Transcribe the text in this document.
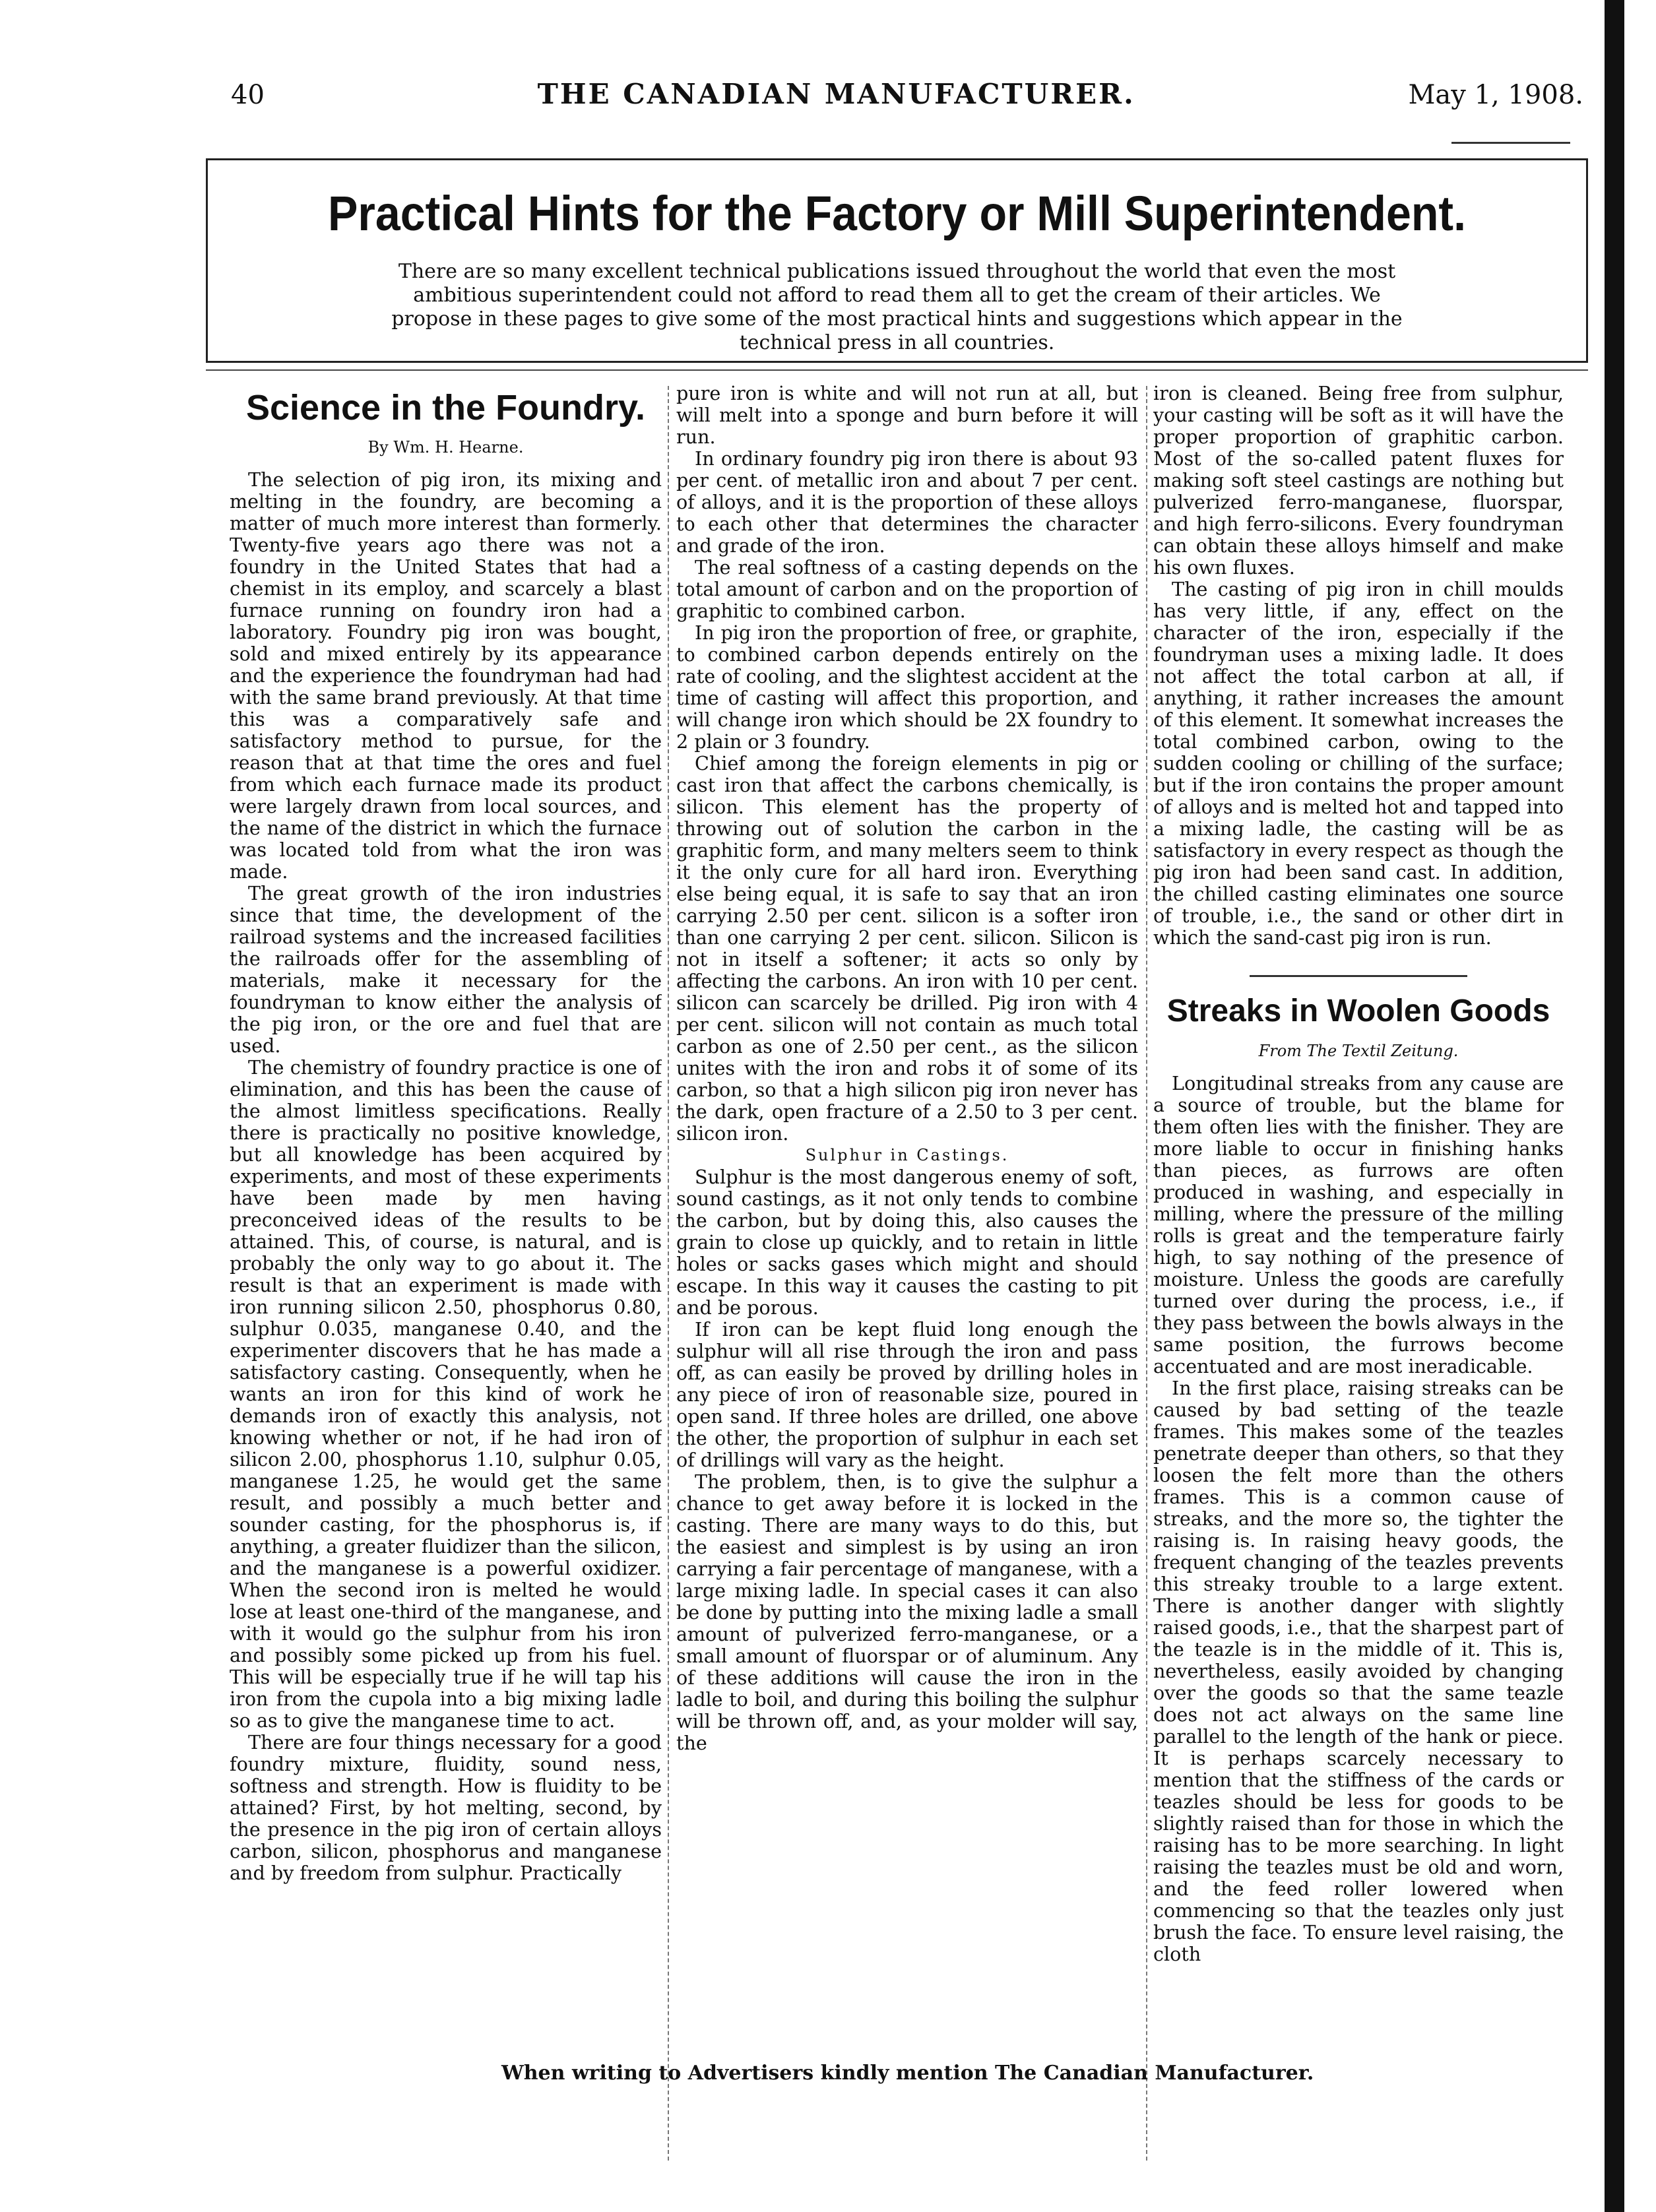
40	THE CANADIAN MANUFACTURER.	May 1, 1908.
Practical Hints for the Factory or Mill Superintendent.

There are so many excellent technical publications issued throughout the world that even the most ambitious superintendent could not afford to read them all to get the cream of their articles. We propose in these pages to give some of the most practical hints and suggestions which appear in the technical press in all countries.

Science in the Foundry.
By Wm. H. Hearne.

The selection of pig iron, its mixing and melting in the foundry, are becoming a matter of much more interest than formerly. Twenty-five years ago there was not a foundry in the United States that had a chemist in its employ, and scarcely a blast furnace running on foundry iron had a laboratory. Foundry pig iron was bought, sold and mixed entirely by its appearance and the experience the foundryman had had with the same brand previously. At that time this was a comparatively safe and satisfactory method to pursue, for the reason that at that time the ores and fuel from which each furnace made its product were largely drawn from local sources, and the name of the district in which the furnace was located told from what the iron was made.

The great growth of the iron industries since that time, the development of the railroad systems and the increased facilities the railroads offer for the assembling of materials, make it necessary for the foundryman to know either the analysis of the pig iron, or the ore and fuel that are used.

The chemistry of foundry practice is one of elimination, and this has been the cause of the almost limitless specifications. Really there is practically no positive knowledge, but all knowledge has been acquired by experiments, and most of these experiments have been made by men having preconceived ideas of the results to be attained. This, of course, is natural, and is probably the only way to go about it. The result is that an experiment is made with iron running silicon 2.50, phosphorus 0.80, sulphur 0.035, manganese 0.40, and the experimenter discovers that he has made a satisfactory casting. Consequently, when he wants an iron for this kind of work he demands iron of exactly this analysis, not knowing whether or not, if he had iron of silicon 2.00, phosphorus 1.10, sulphur 0.05, manganese 1.25, he would get the same result, and possibly a much better and sounder casting, for the phosphorus is, if anything, a greater fluidizer than the silicon, and the manganese is a powerful oxidizer. When the second iron is melted he would lose at least one-third of the manganese, and with it would go the sulphur from his iron and possibly some picked up from his fuel. This will be especially true if he will tap his iron from the cupola into a big mixing ladle so as to give the manganese time to act.

There are four things necessary for a good foundry mixture, fluidity, sound ness, softness and strength. How is fluidity to be attained? First, by hot melting, second, by the presence in the pig iron of certain alloys carbon, silicon, phosphorus and manganese and by freedom from sulphur. Practically

pure iron is white and will not run at all, but will melt into a sponge and burn before it will run.

In ordinary foundry pig iron there is about 93 per cent. of metallic iron and about 7 per cent. of alloys, and it is the proportion of these alloys to each other that determines the character and grade of the iron.

The real softness of a casting depends on the total amount of carbon and on the proportion of graphitic to combined carbon.

In pig iron the proportion of free, or graphite, to combined carbon depends entirely on the rate of cooling, and the slightest accident at the time of casting will affect this proportion, and will change iron which should be 2X foundry to 2 plain or 3 foundry.

Chief among the foreign elements in pig or cast iron that affect the carbons chemically, is silicon. This element has the property of throwing out of solution the carbon in the graphitic form, and many melters seem to think it the only cure for all hard iron. Everything else being equal, it is safe to say that an iron carrying 2.50 per cent. silicon is a softer iron than one carrying 2 per cent. silicon. Silicon is not in itself a softener; it acts so only by affecting the carbons. An iron with 10 per cent. silicon can scarcely be drilled. Pig iron with 4 per cent. silicon will not contain as much total carbon as one of 2.50 per cent., as the silicon unites with the iron and robs it of some of its carbon, so that a high silicon pig iron never has the dark, open fracture of a 2.50 to 3 per cent. silicon iron.

Sulphur in Castings.

Sulphur is the most dangerous enemy of soft, sound castings, as it not only tends to combine the carbon, but by doing this, also causes the grain to close up quickly, and to retain in little holes or sacks gases which might and should escape. In this way it causes the casting to pit and be porous.

If iron can be kept fluid long enough the sulphur will all rise through the iron and pass off, as can easily be proved by drilling holes in any piece of iron of reasonable size, poured in open sand. If three holes are drilled, one above the other, the proportion of sulphur in each set of drillings will vary as the height.

The problem, then, is to give the sulphur a chance to get away before it is locked in the casting. There are many ways to do this, but the easiest and simplest is by using an iron carrying a fair percentage of manganese, with a large mixing ladle. In special cases it can also be done by putting into the mixing ladle a small amount of pulverized ferro-manganese, or a small amount of fluorspar or of aluminum. Any of these additions will cause the iron in the ladle to boil, and during this boiling the sulphur will be thrown off, and, as your molder will say, the

iron is cleaned. Being free from sulphur, your casting will be soft as it will have the proper proportion of graphitic carbon. Most of the so-called patent fluxes for making soft steel castings are nothing but pulverized ferro-manganese, fluorspar, and high ferro-silicons. Every foundryman can obtain these alloys himself and make his own fluxes.

The casting of pig iron in chill moulds has very little, if any, effect on the character of the iron, especially if the foundryman uses a mixing ladle. It does not affect the total carbon at all, if anything, it rather increases the amount of this element. It somewhat increases the total combined carbon, owing to the sudden cooling or chilling of the surface; but if the iron contains the proper amount of alloys and is melted hot and tapped into a mixing ladle, the casting will be as satisfactory in every respect as though the pig iron had been sand cast. In addition, the chilled casting eliminates one source of trouble, i.e., the sand or other dirt in which the sand-cast pig iron is run.

Streaks in Woolen Goods
From The Textil Zeitung.

Longitudinal streaks from any cause are a source of trouble, but the blame for them often lies with the finisher. They are more liable to occur in finishing hanks than pieces, as furrows are often produced in washing, and especially in milling, where the pressure of the milling rolls is great and the temperature fairly high, to say nothing of the presence of moisture. Unless the goods are carefully turned over during the process, i.e., if they pass between the bowls always in the same position, the furrows become accentuated and are most ineradicable.

In the first place, raising streaks can be caused by bad setting of the teazle frames. This makes some of the teazles penetrate deeper than others, so that they loosen the felt more than the others frames. This is a common cause of streaks, and the more so, the tighter the raising is. In raising heavy goods, the frequent changing of the teazles prevents this streaky trouble to a large extent. There is another danger with slightly raised goods, i.e., that the sharpest part of the teazle is in the middle of it. This is, nevertheless, easily avoided by changing over the goods so that the same teazle does not act always on the same line parallel to the length of the hank or piece. It is perhaps scarcely necessary to mention that the stiffness of the cards or teazles should be less for goods to be slightly raised than for those in which the raising has to be more searching. In light raising the teazles must be old and worn, and the feed roller lowered when commencing so that the teazles only just brush the face. To ensure level raising, the cloth

When writing to Advertisers kindly mention The Canadian Manufacturer.
